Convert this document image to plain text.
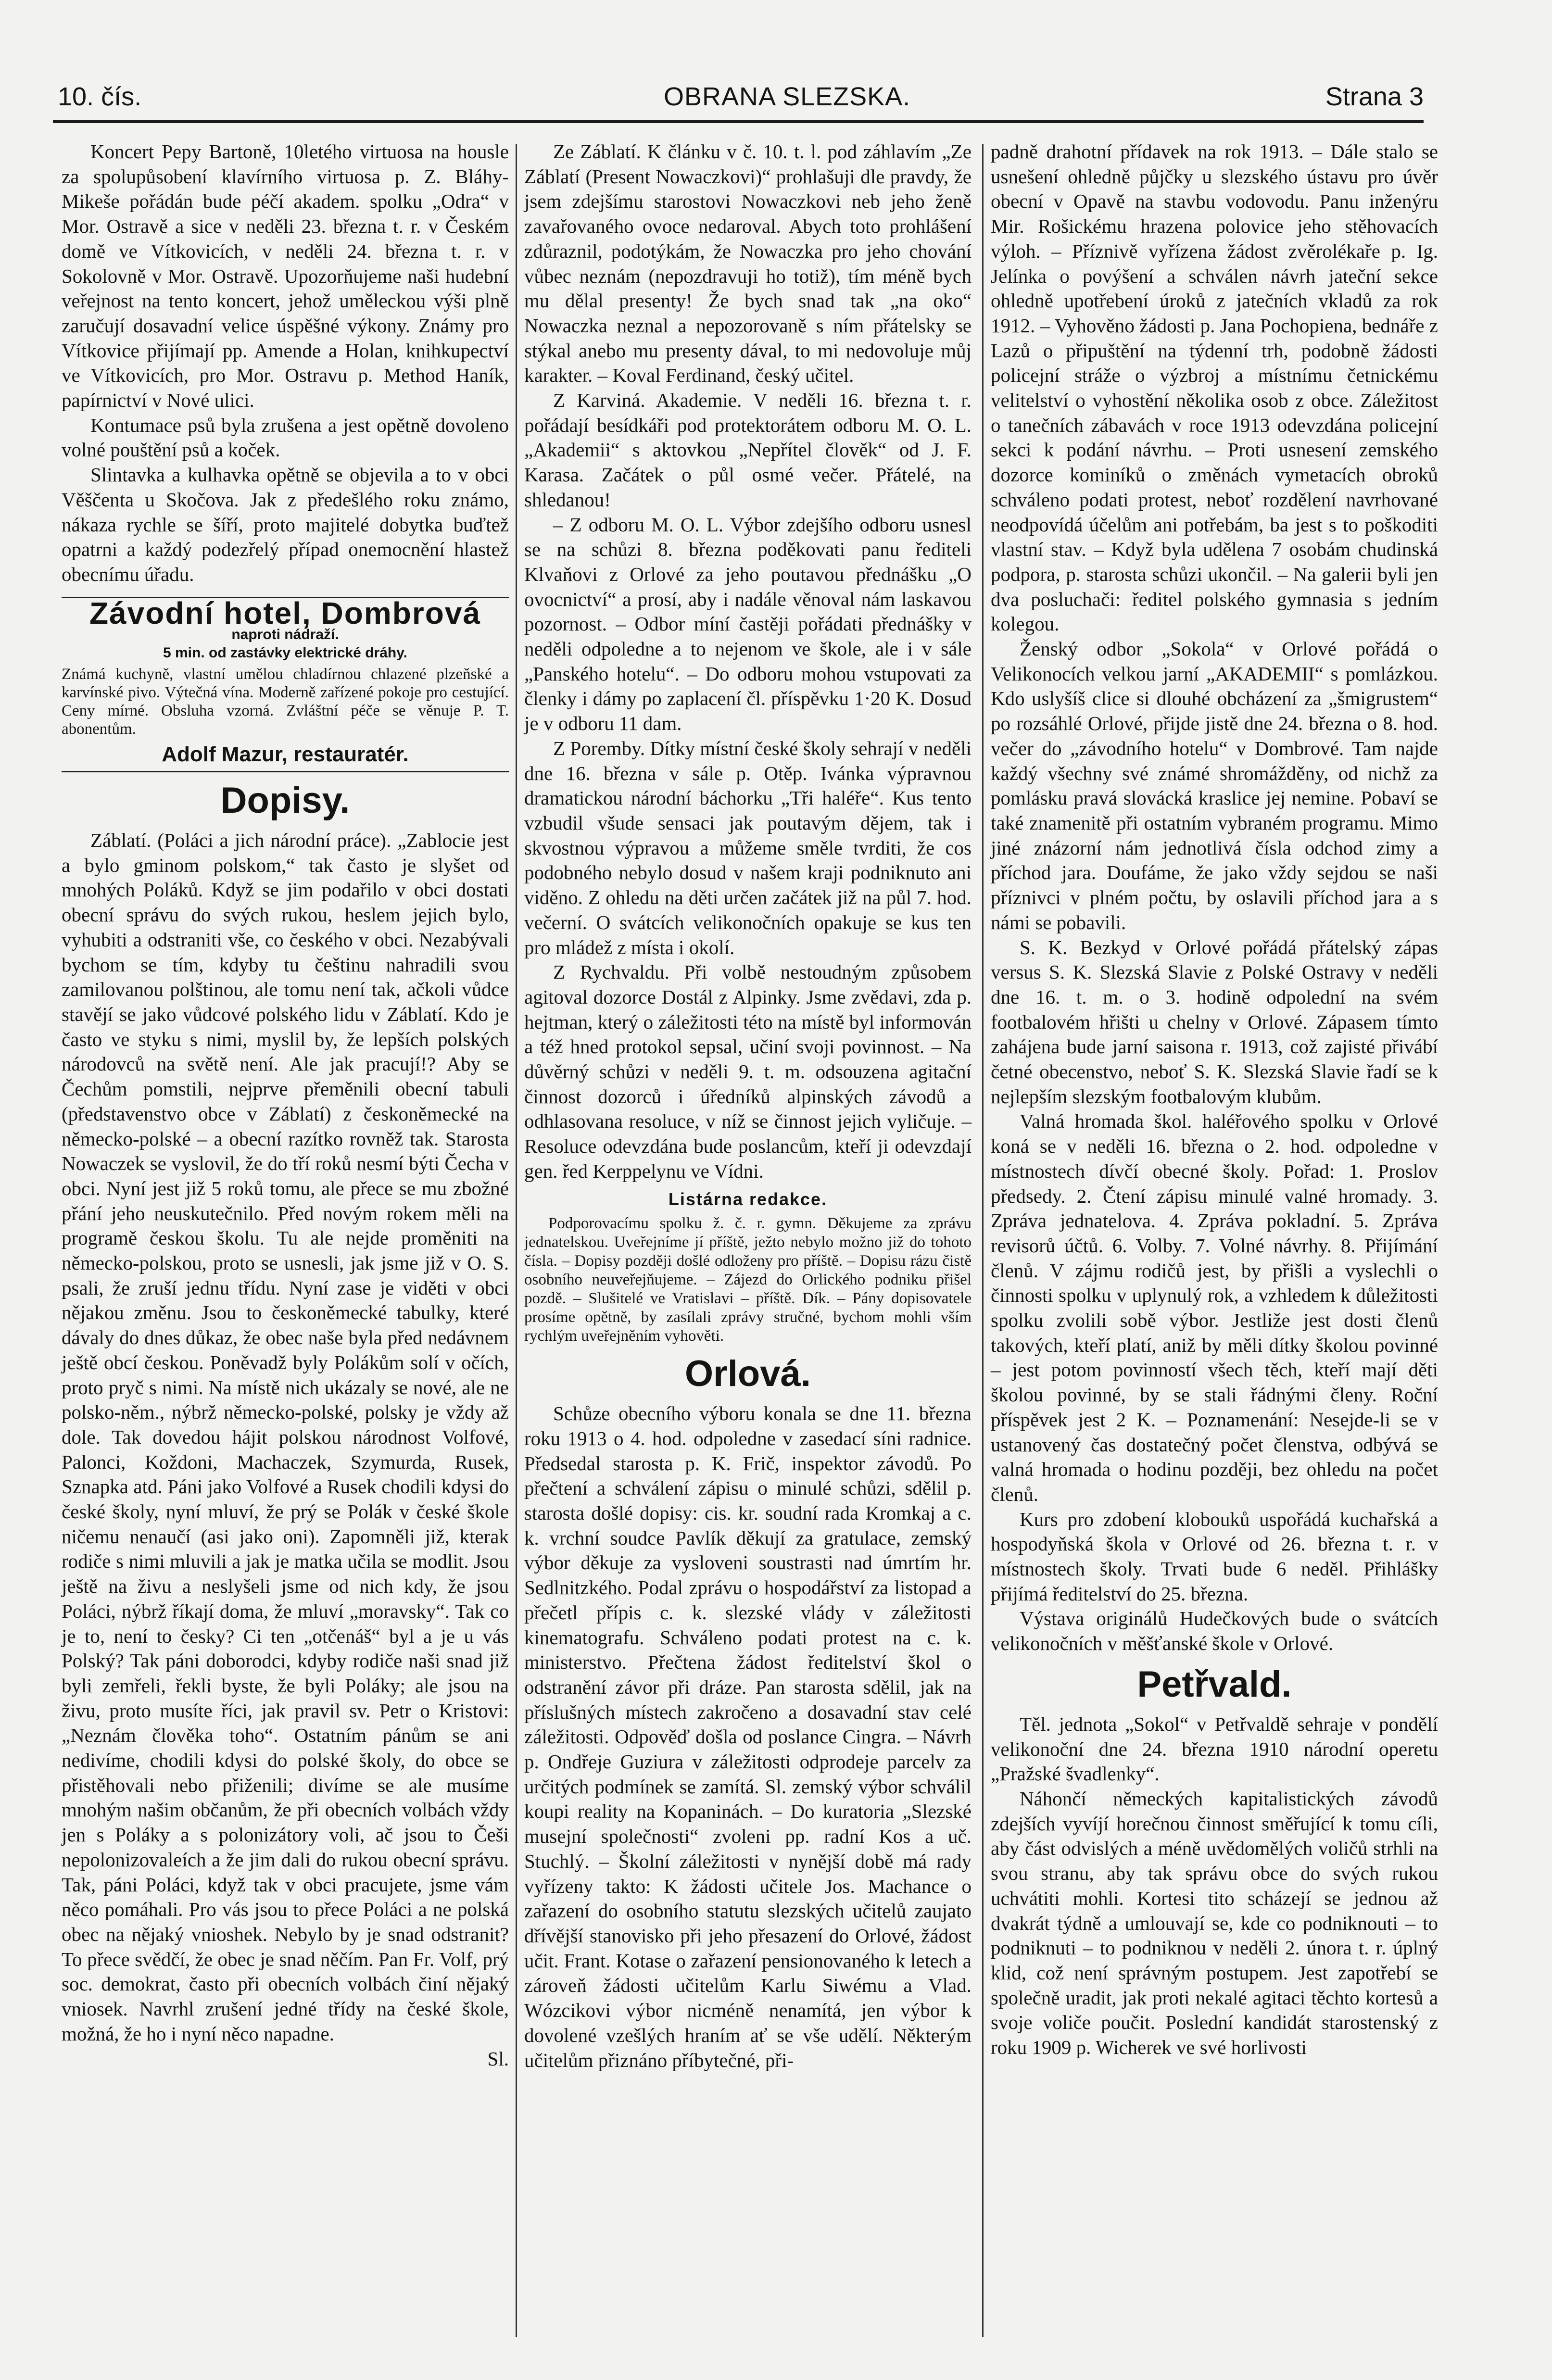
10. čís.	OBRANA SLEZSKA.	Strana 3

Koncert Pepy Bartoně, 10letého virtuosa na housle za spolupůsobení klavírního virtuosa p. Z. Bláhy-Mikeše pořádán bude péčí akadem. spolku „Odra“ v Mor. Ostravě a sice v neděli 23. března t. r. v Českém domě ve Vítkovicích, v neděli 24. března t. r. v Sokolovně v Mor. Ostravě. Upozorňujeme naši hudební veřejnost na tento koncert, jehož uměleckou výši plně zaručují dosavadní velice úspěšné výkony. Známy pro Vítkovice přijímají pp. Amende a Holan, knihkupectví ve Vítkovicích, pro Mor. Ostravu p. Method Haník, papírnictví v Nové ulici.

Kontumace psů byla zrušena a jest opětně dovoleno volné pouštění psů a koček.

Slintavka a kulhavka opětně se objevila a to v obci Věščenta u Skočova. Jak z předešlého roku známo, nákaza rychle se šíří, proto majitelé dobytka buďtež opatrni a každý podezřelý případ onemocnění hlastež obecnímu úřadu.

Závodní hotel, Dombrová
naproti nádraží.
5 min. od zastávky elektrické dráhy.
Známá kuchyně, vlastní umělou chladírnou chlazené plzeňské a karvínské pivo. Výtečná vína. Moderně zařízené pokoje pro cestující. Ceny mírné. Obsluha vzorná. Zvláštní péče se věnuje P. T. abonentům.
Adolf Mazur, restauratér.
Dopisy.

Záblatí. (Poláci a jich národní práce). „Zablocie jest a bylo gminom polskom,“ tak často je slyšet od mnohých Poláků. Když se jim podařilo v obci dostati obecní správu do svých rukou, heslem jejich bylo, vyhubiti a odstraniti vše, co českého v obci. Nezabývali bychom se tím, kdyby tu češtinu nahradili svou zamilovanou polštinou, ale tomu není tak, ačkoli vůdce stavějí se jako vůdcové polského lidu v Záblatí. Kdo je často ve styku s nimi, myslil by, že lepších polských národovců na světě není. Ale jak pracují!? Aby se Čechům pomstili, nejprve přeměnili obecní tabuli (představenstvo obce v Záblatí) z českoněmecké na německo-polské – a obecní razítko rovněž tak. Starosta Nowaczek se vyslovil, že do tří roků nesmí býti Čecha v obci. Nyní jest již 5 roků tomu, ale přece se mu zbožné přání jeho neuskutečnilo. Před novým rokem měli na programě českou školu. Tu ale nejde proměniti na německo-polskou, proto se usnesli, jak jsme již v O. S. psali, že zruší jednu třídu. Nyní zase je viděti v obci nějakou změnu. Jsou to českoněmecké tabulky, které dávaly do dnes důkaz, že obec naše byla před nedávnem ještě obcí českou. Poněvadž byly Polákům solí v očích, proto pryč s nimi. Na místě nich ukázaly se nové, ale ne polsko-něm., nýbrž německo-polské, polsky je vždy až dole. Tak dovedou hájit polskou národnost Volfové, Palonci, Koždoni, Machaczek, Szymurda, Rusek, Sznapka atd. Páni jako Volfové a Rusek chodili kdysi do české školy, nyní mluví, že prý se Polák v české škole ničemu nenaučí (asi jako oni). Zapomněli již, kterak rodiče s nimi mluvili a jak je matka učila se modlit. Jsou ještě na živu a neslyšeli jsme od nich kdy, že jsou Poláci, nýbrž říkají doma, že mluví „moravsky“. Tak co je to, není to česky? Ci ten „otčenáš“ byl a je u vás Polský? Tak páni doborodci, kdyby rodiče naši snad již byli zemřeli, řekli byste, že byli Poláky; ale jsou na živu, proto musíte říci, jak pravil sv. Petr o Kristovi: „Neznám člověka toho“. Ostatním pánům se ani nedivíme, chodili kdysi do polské školy, do obce se přistěhovali nebo přiženili; divíme se ale musíme mnohým našim občanům, že při obecních volbách vždy jen s Poláky a s polonizátory voli, ač jsou to Češi nepolonizovaleích a že jim dali do rukou obecní správu. Tak, páni Poláci, když tak v obci pracujete, jsme vám něco pomáhali. Pro vás jsou to přece Poláci a ne polská obec na nějaký vnioshek. Nebylo by je snad odstranit? To přece svědčí, že obec je snad něčím. Pan Fr. Volf, prý soc. demokrat, často při obecních volbách činí nějaký vniosek. Navrhl zrušení jedné třídy na české škole, možná, že ho i nyní něco napadne.

Sl.

Ze Záblatí. K článku v č. 10. t. l. pod záhlavím „Ze Záblatí (Present Nowaczkovi)“ prohlašuji dle pravdy, že jsem zdejšímu starostovi Nowaczkovi neb jeho ženě zavařovaného ovoce nedaroval. Abych toto prohlášení zdůraznil, podotýkám, že Nowaczka pro jeho chování vůbec neznám (nepozdravuji ho totiž), tím méně bych mu dělal presenty! Že bych snad tak „na oko“ Nowaczka neznal a nepozorovaně s ním přátelsky se stýkal anebo mu presenty dával, to mi nedovoluje můj karakter. – Koval Ferdinand, český učitel.

Z Karviná. Akademie. V neděli 16. března t. r. pořádají besídkáři pod protektorátem odboru M. O. L. „Akademii“ s aktovkou „Nepřítel člověk“ od J. F. Karasa. Začátek o půl osmé večer. Přátelé, na shledanou!

– Z odboru M. O. L. Výbor zdejšího odboru usnesl se na schůzi 8. března poděkovati panu řediteli Klvaňovi z Orlové za jeho poutavou přednášku „O ovocnictví“ a prosí, aby i nadále věnoval nám laskavou pozornost. – Odbor míní častěji pořádati přednášky v neděli odpoledne a to nejenom ve škole, ale i v sále „Panského hotelu“. – Do odboru mohou vstupovati za členky i dámy po zaplacení čl. příspěvku 1·20 K. Dosud je v odboru 11 dam.

Z Poremby. Dítky místní české školy sehrají v neděli dne 16. března v sále p. Otěp. Ivánka výpravnou dramatickou národní báchorku „Tři haléře“. Kus tento vzbudil všude sensaci jak poutavým dějem, tak i skvostnou výpravou a můžeme směle tvrditi, že cos podobného nebylo dosud v našem kraji podniknuto ani viděno. Z ohledu na děti určen začátek již na půl 7. hod. večerní. O svátcích velikonočních opakuje se kus ten pro mládež z místa i okolí.

Z Rychvaldu. Při volbě nestoudným způsobem agitoval dozorce Dostál z Alpinky. Jsme zvědavi, zda p. hejtman, který o záležitosti této na místě byl informován a též hned protokol sepsal, učiní svoji povinnost. – Na důvěrný schůzi v neděli 9. t. m. odsouzena agitační činnost dozorců i úředníků alpinských závodů a odhlasovana resoluce, v níž se činnost jejich vyličuje. – Resoluce odevzdána bude poslancům, kteří ji odevzdají gen. řed Kerppelynu ve Vídni.

Listárna redakce.

Podporovacímu spolku ž. č. r. gymn. Děkujeme za zprávu jednatelskou. Uveřejníme jí příště, ježto nebylo možno již do tohoto čísla. – Dopisy později došlé odloženy pro příště. – Dopisu rázu čistě osobního neuveřejňujeme. – Zájezd do Orlického podniku přišel pozdě. – Slušitelé ve Vratislavi – příště. Dík. – Pány dopisovatele prosíme opětně, by zasílali zprávy stručné, bychom mohli vším rychlým uveřejněním vyhověti.

Orlová.

Schůze obecního výboru konala se dne 11. března roku 1913 o 4. hod. odpoledne v zasedací síni radnice. Předsedal starosta p. K. Frič, inspektor závodů. Po přečtení a schválení zápisu o minulé schůzi, sdělil p. starosta došlé dopisy: cis. kr. soudní rada Kromkaj a c. k. vrchní soudce Pavlík děkují za gratulace, zemský výbor děkuje za vysloveni soustrasti nad úmrtím hr. Sedlnitzkého. Podal zprávu o hospodářství za listopad a přečetl přípis c. k. slezské vlády v záležitosti kinematografu. Schváleno podati protest na c. k. ministerstvo. Přečtena žádost ředitelství škol o odstranění závor při dráze. Pan starosta sdělil, jak na příslušných místech zakročeno a dosavadní stav celé záležitosti. Odpověď došla od poslance Cingra. – Návrh p. Ondřeje Guziura v záležitosti odprodeje parcelv za určitých podmínek se zamítá. Sl. zemský výbor schválil koupi reality na Kopaninách. – Do kuratoria „Slezské musejní společnosti“ zvoleni pp. radní Kos a uč. Stuchlý. – Školní záležitosti v nynější době má rady vyřízeny takto: K žádosti učitele Jos. Machance o zařazení do osobního statutu slezských učitelů zaujato dřívější stanovisko při jeho přesazení do Orlové, žádost učit. Frant. Kotase o zařazení pensionovaného k letech a zároveň žádosti učitelům Karlu Siwému a Vlad. Wózcikovi výbor nicméně nenamítá, jen výbor k dovolené vzešlých hraním ať se vše udělí. Některým učitelům přiznáno příbytečné, při-

padně drahotní přídavek na rok 1913. – Dále stalo se usnešení ohledně půjčky u slezského ústavu pro úvěr obecní v Opavě na stavbu vodovodu. Panu inženýru Mir. Rošickému hrazena polovice jeho stěhovacích výloh. – Příznivě vyřízena žádost zvěrolékaře p. Ig. Jelínka o povýšení a schválen návrh jateční sekce ohledně upotřebení úroků z jatečních vkladů za rok 1912. – Vyhověno žádosti p. Jana Pochopiena, bednáře z Lazů o připuštění na týdenní trh, podobně žádosti policejní stráže o výzbroj a místnímu četnickému velitelství o vyhostění několika osob z obce. Záležitost o tanečních zábavách v roce 1913 odevzdána policejní sekci k podání návrhu. – Proti usnesení zemského dozorce kominíků o změnách vymetacích obroků schváleno podati protest, neboť rozdělení navrhované neodpovídá účelům ani potřebám, ba jest s to poškoditi vlastní stav. – Když byla udělena 7 osobám chudinská podpora, p. starosta schůzi ukončil. – Na galerii byli jen dva posluchači: ředitel polského gymnasia s jedním kolegou.

Ženský odbor „Sokola“ v Orlové pořádá o Velikonocích velkou jarní „AKADEMII“ s pomlázkou. Kdo uslyšíš clice si dlouhé obcházení za „šmigrustem“ po rozsáhlé Orlové, přijde jistě dne 24. března o 8. hod. večer do „závodního hotelu“ v Dombrové. Tam najde každý všechny své známé shromážděny, od nichž za pomlásku pravá slovácká kraslice jej nemine. Pobaví se také znamenitě při ostatním vybraném programu. Mimo jiné znázorní nám jednotlivá čísla odchod zimy a příchod jara. Doufáme, že jako vždy sejdou se naši příznivci v plném počtu, by oslavili příchod jara a s námi se pobavili.

S. K. Bezkyd v Orlové pořádá přátelský zápas versus S. K. Slezská Slavie z Polské Ostravy v neděli dne 16. t. m. o 3. hodině odpolední na svém footbalovém hřišti u chelny v Orlové. Zápasem tímto zahájena bude jarní saisona r. 1913, což zajisté přivábí četné obecenstvo, neboť S. K. Slezská Slavie řadí se k nejlepším slezským footbalovým klubům.

Valná hromada škol. haléřového spolku v Orlové koná se v neděli 16. března o 2. hod. odpoledne v místnostech dívčí obecné školy. Pořad: 1. Proslov předsedy. 2. Čtení zápisu minulé valné hromady. 3. Zpráva jednatelova. 4. Zpráva pokladní. 5. Zpráva revisorů účtů. 6. Volby. 7. Volné návrhy. 8. Přijímání členů. V zájmu rodičů jest, by přišli a vyslechli o činnosti spolku v uplynulý rok, a vzhledem k důležitosti spolku zvolili sobě výbor. Jestliže jest dosti členů takových, kteří platí, aniž by měli dítky školou povinné – jest potom povinností všech těch, kteří mají děti školou povinné, by se stali řádnými členy. Roční příspěvek jest 2 K. – Poznamenání: Nesejde-li se v ustanovený čas dostatečný počet členstva, odbývá se valná hromada o hodinu později, bez ohledu na počet členů.

Kurs pro zdobení klobouků uspořádá kuchařská a hospodyňská škola v Orlové od 26. března t. r. v místnostech školy. Trvati bude 6 neděl. Přihlášky přijímá ředitelství do 25. března.

Výstava originálů Hudečkových bude o svátcích velikonočních v měšťanské škole v Orlové.

Petřvald.

Těl. jednota „Sokol“ v Petřvaldě sehraje v pondělí velikonoční dne 24. března 1910 národní operetu „Pražské švadlenky“.

Náhončí německých kapitalistických závodů zdejších vyvíjí horečnou činnost směřující k tomu cíli, aby část odvislých a méně uvědomělých voličů strhli na svou stranu, aby tak správu obce do svých rukou uchvátiti mohli. Kortesi tito scházejí se jednou až dvakrát týdně a umlouvají se, kde co podniknouti – to podniknuti – to podniknou v neděli 2. února t. r. úplný klid, což není správným postupem. Jest zapotřebí se společně uradit, jak proti nekalé agitaci těchto kortesů a svoje voliče poučit. Poslední kandidát starostenský z roku 1909 p. Wicherek ve své horlivosti
